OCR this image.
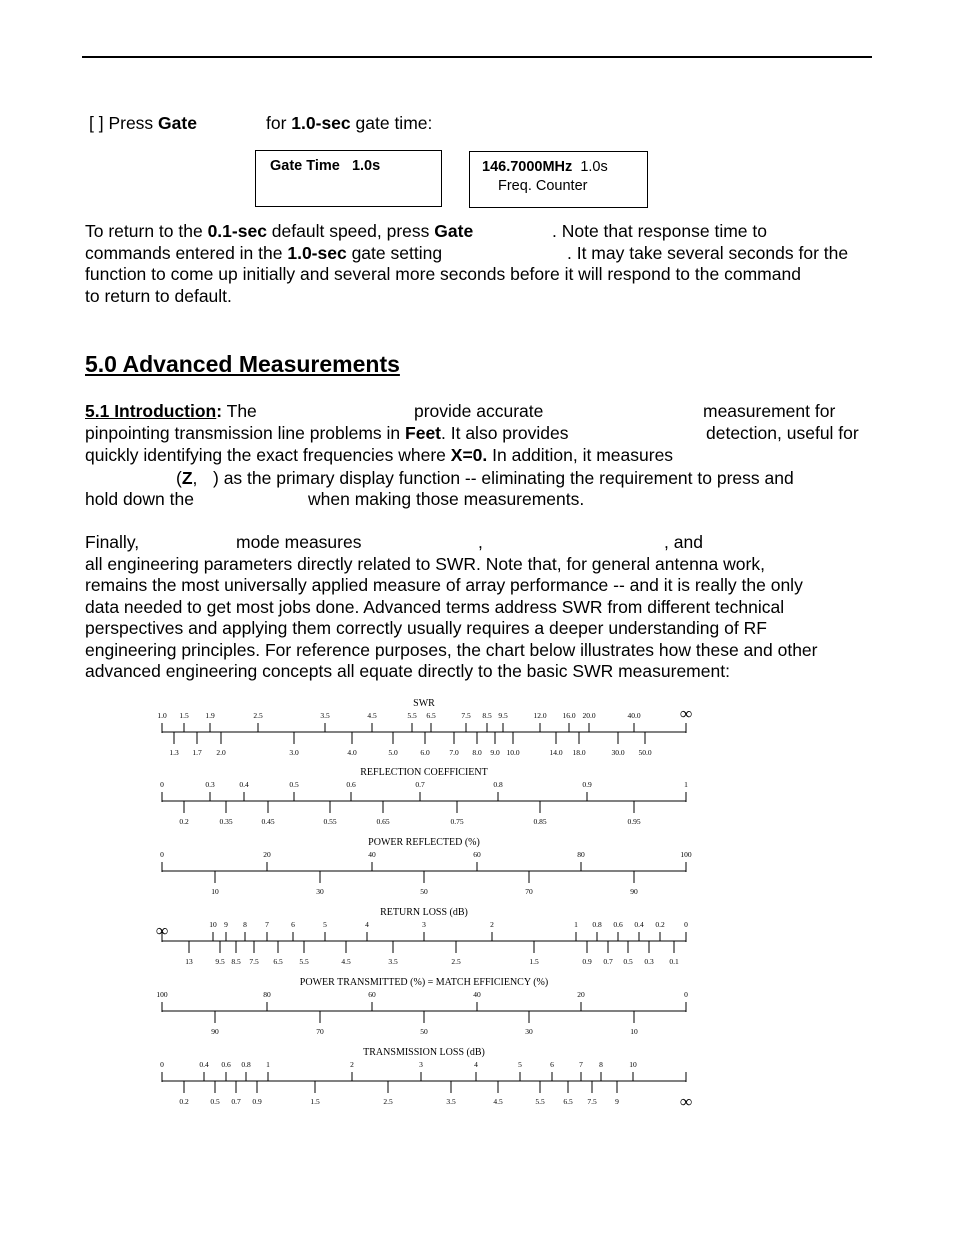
[ ] Press Gate	for 1.0-sec gate time:
Gate Time 1.0s	146.7000MHz 1.0s
Freq. Counter
To return to the 0.1-sec default speed, press Gate	. Note that response time to
commands entered in the 1.0-sec gate setting	. It may take several seconds for the
function to come up initially and several more seconds before it will respond to the command
to return to default.
5.0 Advanced Measurements
5.1 Introduction: The	provide accurate	measurement for
pinpointing transmission line problems in Feet. It also provides	detection, useful for
quickly identifying the exact frequencies where X=0. In addition, it measures
(Z, ) as the primary display function -- eliminating the requirement to press and
hold down the	when making those measurements.
Finally,	mode measures	,	, and
all engineering parameters directly related to SWR. Note that, for general antenna work,
remains the most universally applied measure of array performance -- and it is really the only
data needed to get most jobs done. Advanced terms address SWR from different technical
perspectives and applying them correctly usually requires a deeper understanding of RF
engineering principles. For reference purposes, the chart below illustrates how these and other
advanced engineering concepts all equate directly to the basic SWR measurement:
SWR
1.0 1.5 1.9	2.5	3.5	4.5	5.5 6.5	7.5 8.5 9.5	12.0 16.0 20.0	40.0
1.3 1.7 2.0	3.0	4.0	5.0	6.0	7.0 8.0 9.0 10.0	14.0 18.0	30.0 50.0
∞
REFLECTION COEFFICIENT
0	0.3	0.4	0.5	0.6	0.7	0.8	0.9	1
0.2	0.35	0.45	0.55	0.65	0.75	0.85	0.95
POWER REFLECTED (%)
0	20	40	60	80	100
10	30	50	70	90
RETURN LOSS (dB)
10 9 8 7	6	5	4	3	2	1 0.8 0.6 0.4 0.2	0
13	9.5 8.5 7.5 6.5 5.5	4.5	3.5	2.5	1.5	0.9 0.7 0.5 0.3 0.1
∞
POWER TRANSMITTED (%) = MATCH EFFICIENCY (%)
100	80	60	40	20	0
90	70	50	30	10
TRANSMISSION LOSS (dB)
0	0.4 0.6 0.8 1	2	3	4	5	6	7 8	10
0.2	0.5 0.7 0.9	1.5	2.5	3.5	4.5	5.5 6.5 7.5 9	∞
